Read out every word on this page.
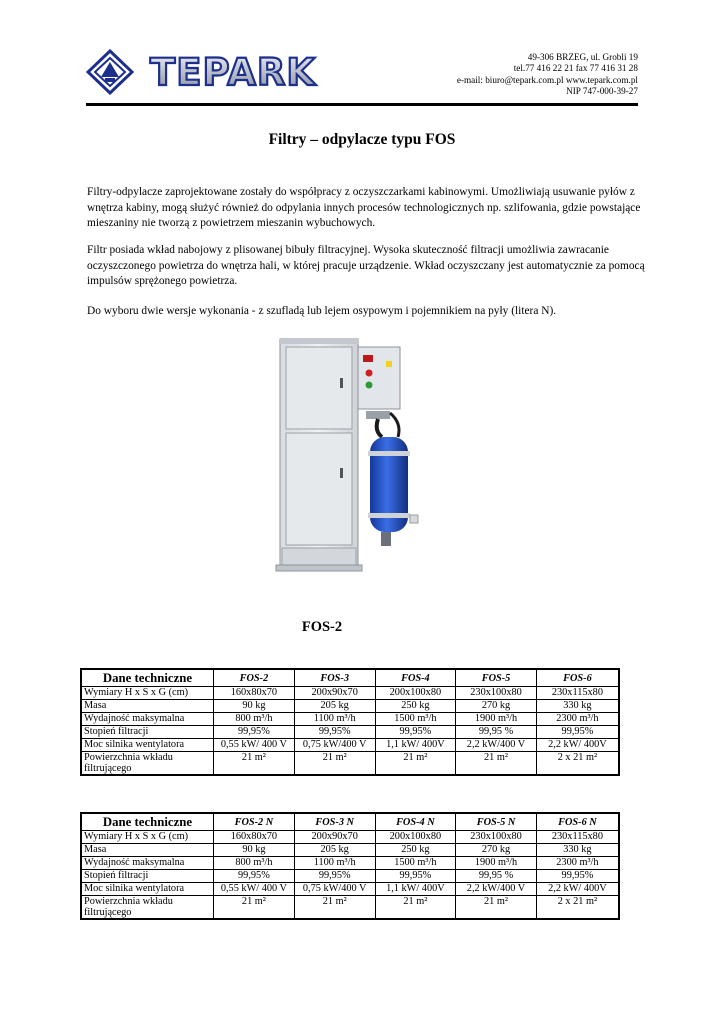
TEPARK	49-306 BRZEG, ul. Grobli 19
tel.77 416 22 21 fax 77 416 31 28
e-mail: biuro@tepark.com.pl www.tepark.com.pl
NIP 747-000-39-27
Filtry – odpylacze typu FOS

Filtry-odpylacze zaprojektowane zostały do współpracy z oczyszczarkami kabinowymi. Umożliwiają usuwanie pyłów z wnętrza kabiny, mogą służyć również do odpylania innych procesów technologicznych np. szlifowania, gdzie powstające mieszaniny nie tworzą z powietrzem mieszanin wybuchowych.

Filtr posiada wkład nabojowy z plisowanej bibuły filtracyjnej. Wysoka skuteczność filtracji umożliwia zawracanie oczyszczonego powietrza do wnętrza hali, w której pracuje urządzenie. Wkład oczyszczany jest automatycznie za pomocą impulsów sprężonego powietrza.

Do wyboru dwie wersje wykonania - z szufladą lub lejem osypowym i pojemnikiem na pyły (litera N).

FOS-2
Dane techniczne	FOS-2	FOS-3	FOS-4	FOS-5	FOS-6
Wymiary H x S x G (cm)	160x80x70	200x90x70	200x100x80	230x100x80	230x115x80
Masa	90 kg	205 kg	250 kg	270 kg	330 kg
Wydajność maksymalna	800 m³/h	1100 m³/h	1500 m³/h	1900 m³/h	2300 m³/h
Stopień filtracji	99,95%	99,95%	99,95%	99,95 %	99,95%
Moc silnika wentylatora	0,55 kW/ 400 V	0,75 kW/400 V	1,1 kW/ 400V	2,2 kW/400 V	2,2 kW/ 400V
Powierzchnia wkładu filtrującego	21 m²	21 m²	21 m²	21 m²	2 x 21 m²
Dane techniczne	FOS-2 N	FOS-3 N	FOS-4 N	FOS-5 N	FOS-6 N
Wymiary H x S x G (cm)	160x80x70	200x90x70	200x100x80	230x100x80	230x115x80
Masa	90 kg	205 kg	250 kg	270 kg	330 kg
Wydajność maksymalna	800 m³/h	1100 m³/h	1500 m³/h	1900 m³/h	2300 m³/h
Stopień filtracji	99,95%	99,95%	99,95%	99,95 %	99,95%
Moc silnika wentylatora	0,55 kW/ 400 V	0,75 kW/400 V	1,1 kW/ 400V	2,2 kW/400 V	2,2 kW/ 400V
Powierzchnia wkładu filtrującego	21 m²	21 m²	21 m²	21 m²	2 x 21 m²
